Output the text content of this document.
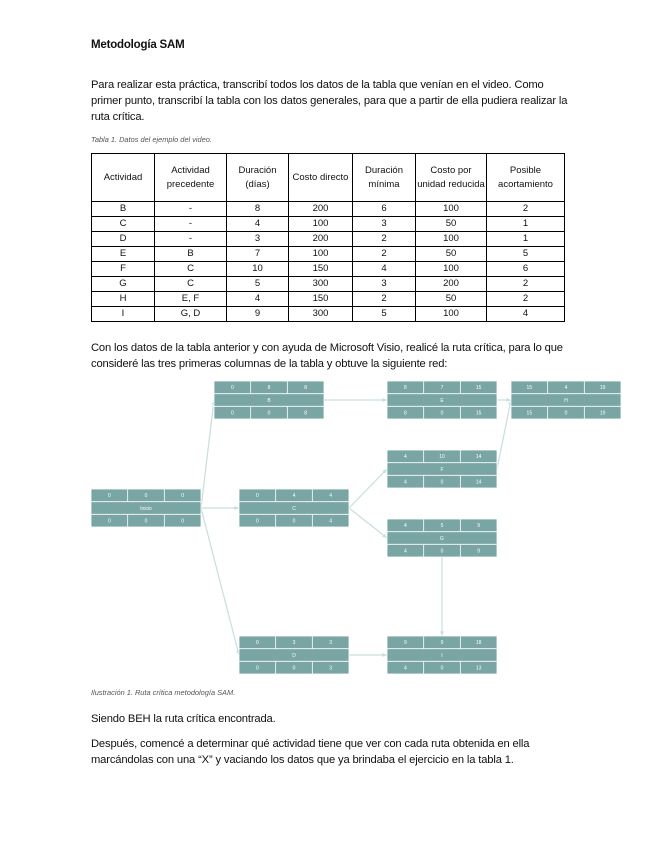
Metodología SAM
Para realizar esta práctica, transcribí todos los datos de la tabla que venían en el video. Como primer punto, transcribí la tabla con los datos generales, para que a partir de ella pudiera realizar la ruta crítica.
Tabla 1. Datos del ejemplo del video.
Actividad	Actividad precedente	Duración (días)	Costo directo	Duración mínima	Costo por unidad reducida	Posible acortamiento
B	-	8	200	6	100	2
C	-	4	100	3	50	1
D	-	3	200	2	100	1
E	B	7	100	2	50	5
F	C	10	150	4	100	6
G	C	5	300	3	200	2
H	E, F	4	150	2	50	2
I	G, D	9	300	5	100	4
Con los datos de la tabla anterior y con ayuda de Microsoft Visio, realicé la ruta crítica, para lo que consideré las tres primeras columnas de la tabla y obtuve la siguiente red:
0
0
0
0
0
0
Inicio
0
0
8
0
8
8
B
0
0
4
0
4
4
C
0
0
3
0
3
3
D
8
8
7
0
15
15
E
4
4
10
0
14
14
F
4
4
5
0
9
9
G
15
15
4
0
19
19
H
9
4
9
0
18
13
I
Ilustración 1. Ruta crítica metodología SAM.
Siendo BEH la ruta crítica encontrada.
Después, comencé a determinar qué actividad tiene que ver con cada ruta obtenida en ella marcándolas con una “X” y vaciando los datos que ya brindaba el ejercicio en la tabla 1.
